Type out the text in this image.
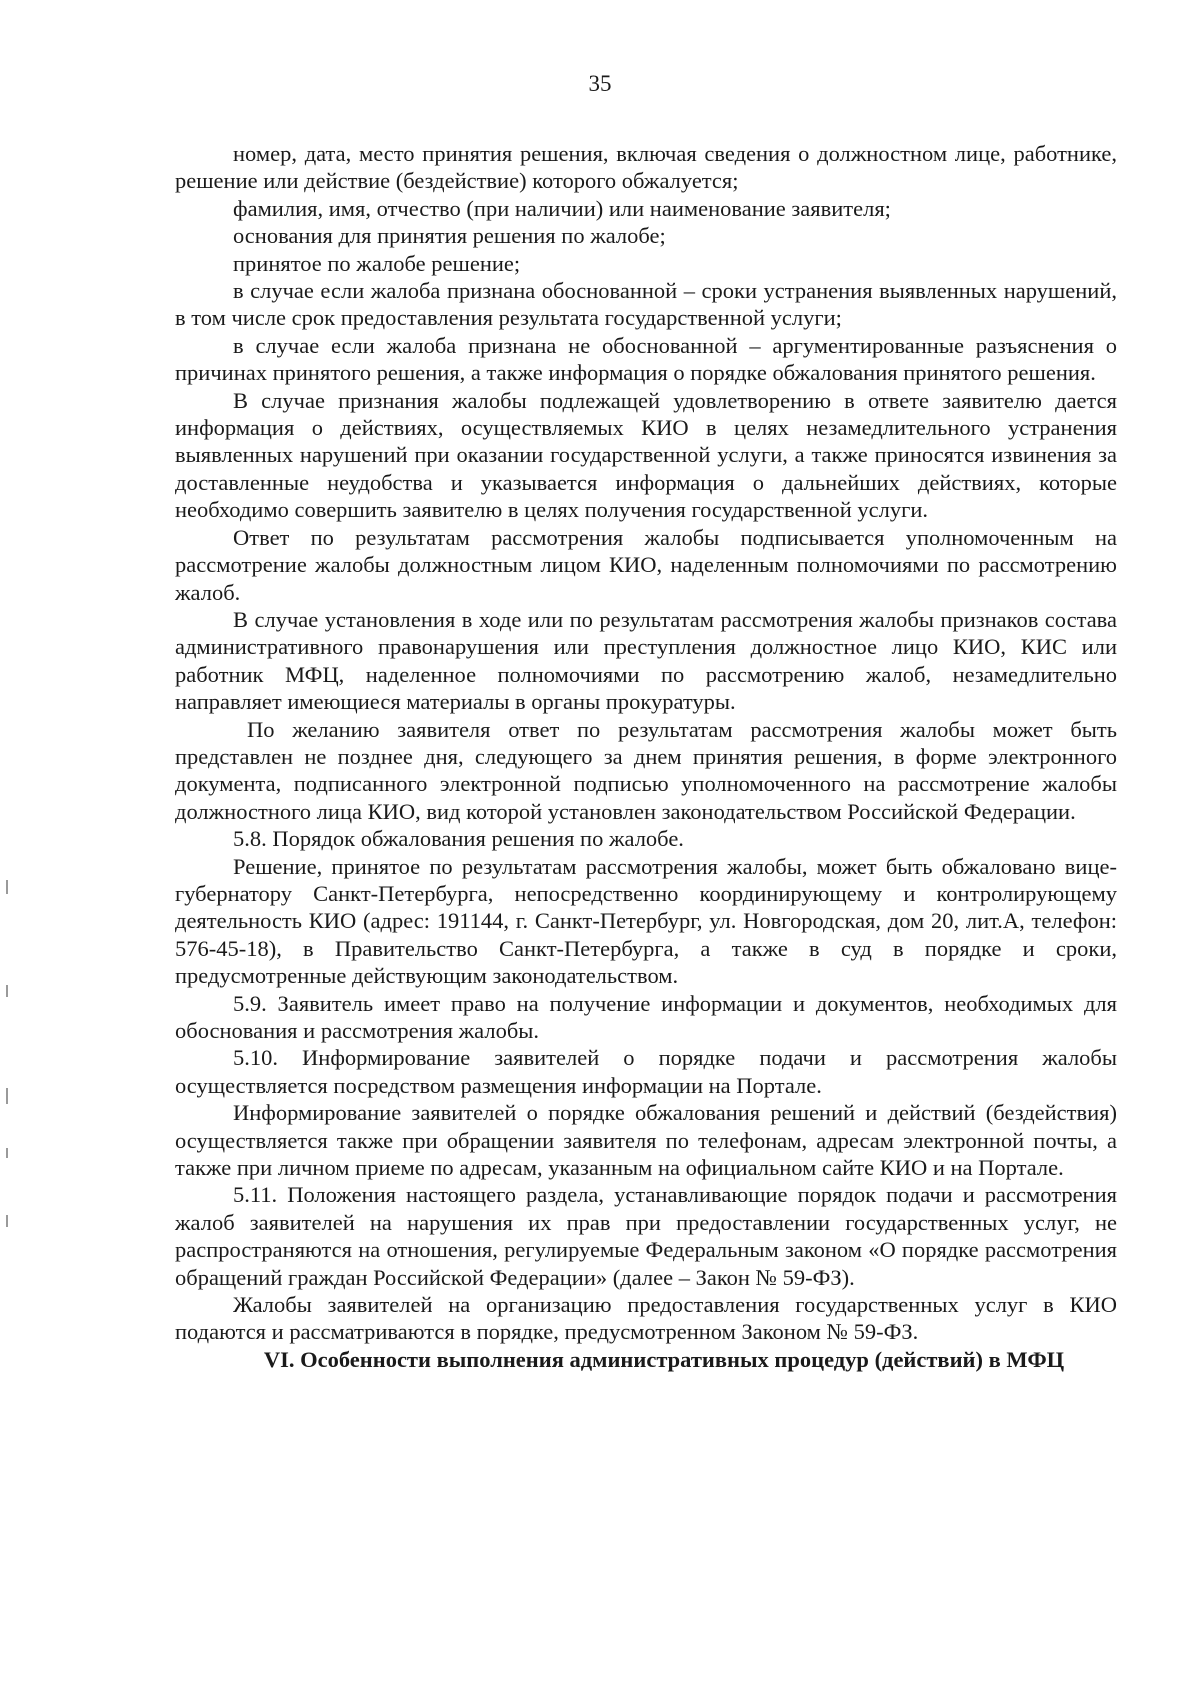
35

номер, дата, место принятия решения, включая сведения о должностном лице, работнике, решение или действие (бездействие) которого обжалуется;

фамилия, имя, отчество (при наличии) или наименование заявителя;

основания для принятия решения по жалобе;

принятое по жалобе решение;

в случае если жалоба признана обоснованной – сроки устранения выявленных нарушений, в том числе срок предоставления результата государственной услуги;

в случае если жалоба признана не обоснованной – аргументированные разъяснения о причинах принятого решения, а также информация о порядке обжалования принятого решения.

В случае признания жалобы подлежащей удовлетворению в ответе заявителю дается информация о действиях, осуществляемых КИО в целях незамедлительного устранения выявленных нарушений при оказании государственной услуги, а также приносятся извинения за доставленные неудобства и указывается информация о дальнейших действиях, которые необходимо совершить заявителю в целях получения государственной услуги.

Ответ по результатам рассмотрения жалобы подписывается уполномоченным на рассмотрение жалобы должностным лицом КИО, наделенным полномочиями по рассмотрению жалоб.

В случае установления в ходе или по результатам рассмотрения жалобы признаков состава административного правонарушения или преступления должностное лицо КИО, КИС или работник МФЦ, наделенное полномочиями по рассмотрению жалоб, незамедлительно направляет имеющиеся материалы в органы прокуратуры.

По желанию заявителя ответ по результатам рассмотрения жалобы может быть представлен не позднее дня, следующего за днем принятия решения, в форме электронного документа, подписанного электронной подписью уполномоченного на рассмотрение жалобы должностного лица КИО, вид которой установлен законодательством Российской Федерации.

5.8. Порядок обжалования решения по жалобе.

Решение, принятое по результатам рассмотрения жалобы, может быть обжаловано вице-губернатору Санкт-Петербурга, непосредственно координирующему и контролирующему деятельность КИО (адрес: 191144, г. Санкт-Петербург, ул. Новгородская, дом 20, лит.А, телефон: 576-45-18), в Правительство Санкт-Петербурга, а также в суд в порядке и сроки, предусмотренные действующим законодательством.

5.9. Заявитель имеет право на получение информации и документов, необходимых для обоснования и рассмотрения жалобы.

5.10. Информирование заявителей о порядке подачи и рассмотрения жалобы осуществляется посредством размещения информации на Портале.

Информирование заявителей о порядке обжалования решений и действий (бездействия) осуществляется также при обращении заявителя по телефонам, адресам электронной почты, а также при личном приеме по адресам, указанным на официальном сайте КИО и на Портале.

5.11. Положения настоящего раздела, устанавливающие порядок подачи и рассмотрения жалоб заявителей на нарушения их прав при предоставлении государственных услуг, не распространяются на отношения, регулируемые Федеральным законом «О порядке рассмотрения обращений граждан Российской Федерации» (далее – Закон № 59-ФЗ).

Жалобы заявителей на организацию предоставления государственных услуг в КИО подаются и рассматриваются в порядке, предусмотренном Законом № 59-ФЗ.

VI. Особенности выполнения административных процедур (действий) в МФЦ
